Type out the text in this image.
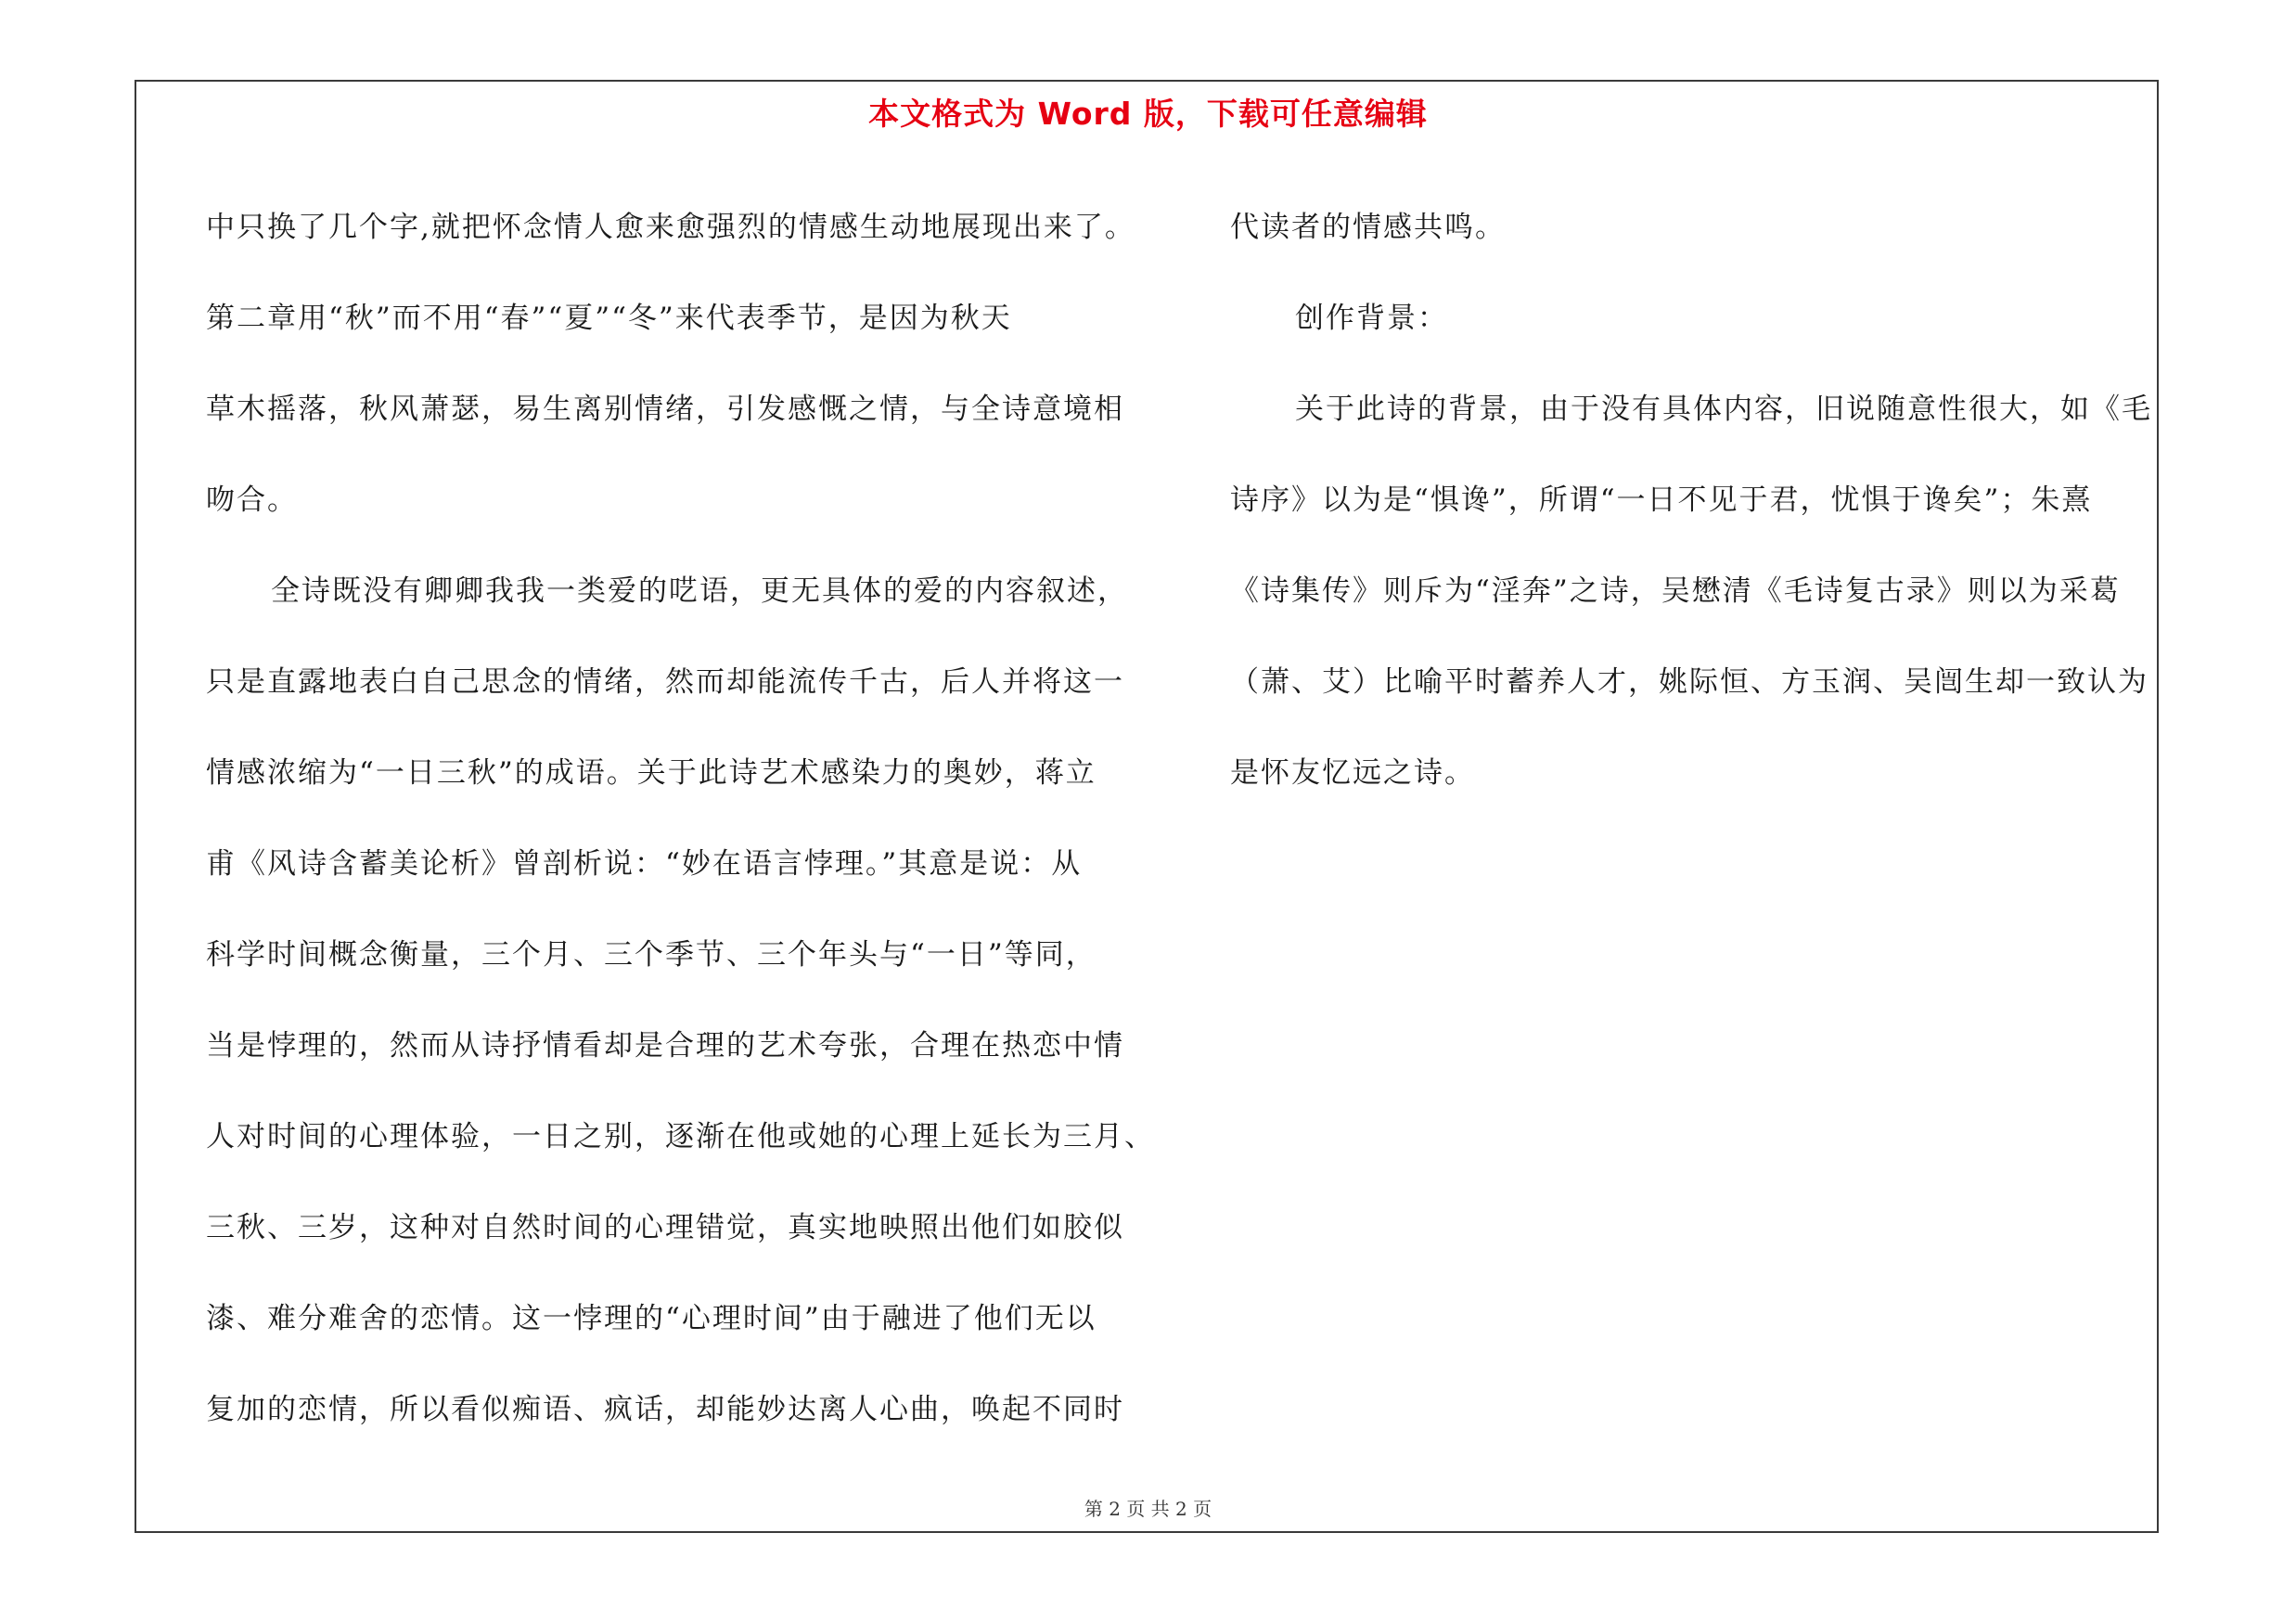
本文格式为 Word 版，下载可任意编辑
中只换了几个字,就把怀念情人愈来愈强烈的情感生动地展现出来了。
第二章用“秋”而不用“春”“夏”“冬”来代表季节，是因为秋天
草木摇落，秋风萧瑟，易生离别情绪，引发感慨之情，与全诗意境相
吻合。
全诗既没有卿卿我我一类爱的呓语，更无具体的爱的内容叙述，
只是直露地表白自己思念的情绪，然而却能流传千古，后人并将这一
情感浓缩为“一日三秋”的成语。关于此诗艺术感染力的奥妙，蒋立
甫《风诗含蓄美论析》曾剖析说：“妙在语言悖理。”其意是说：从
科学时间概念衡量，三个月、三个季节、三个年头与“一日”等同，
当是悖理的，然而从诗抒情看却是合理的艺术夸张，合理在热恋中情
人对时间的心理体验，一日之别，逐渐在他或她的心理上延长为三月、
三秋、三岁，这种对自然时间的心理错觉，真实地映照出他们如胶似
漆、难分难舍的恋情。这一悖理的“心理时间”由于融进了他们无以
复加的恋情，所以看似痴语、疯话，却能妙达离人心曲，唤起不同时
代读者的情感共鸣。
创作背景：
关于此诗的背景，由于没有具体内容，旧说随意性很大，如《毛
诗序》以为是“惧谗”，所谓“一日不见于君，忧惧于谗矣”；朱熹
《诗集传》则斥为“淫奔”之诗，吴懋清《毛诗复古录》则以为采葛
（萧、艾）比喻平时蓄养人才，姚际恒、方玉润、吴闿生却一致认为
是怀友忆远之诗。
第 2 页 共 2 页
